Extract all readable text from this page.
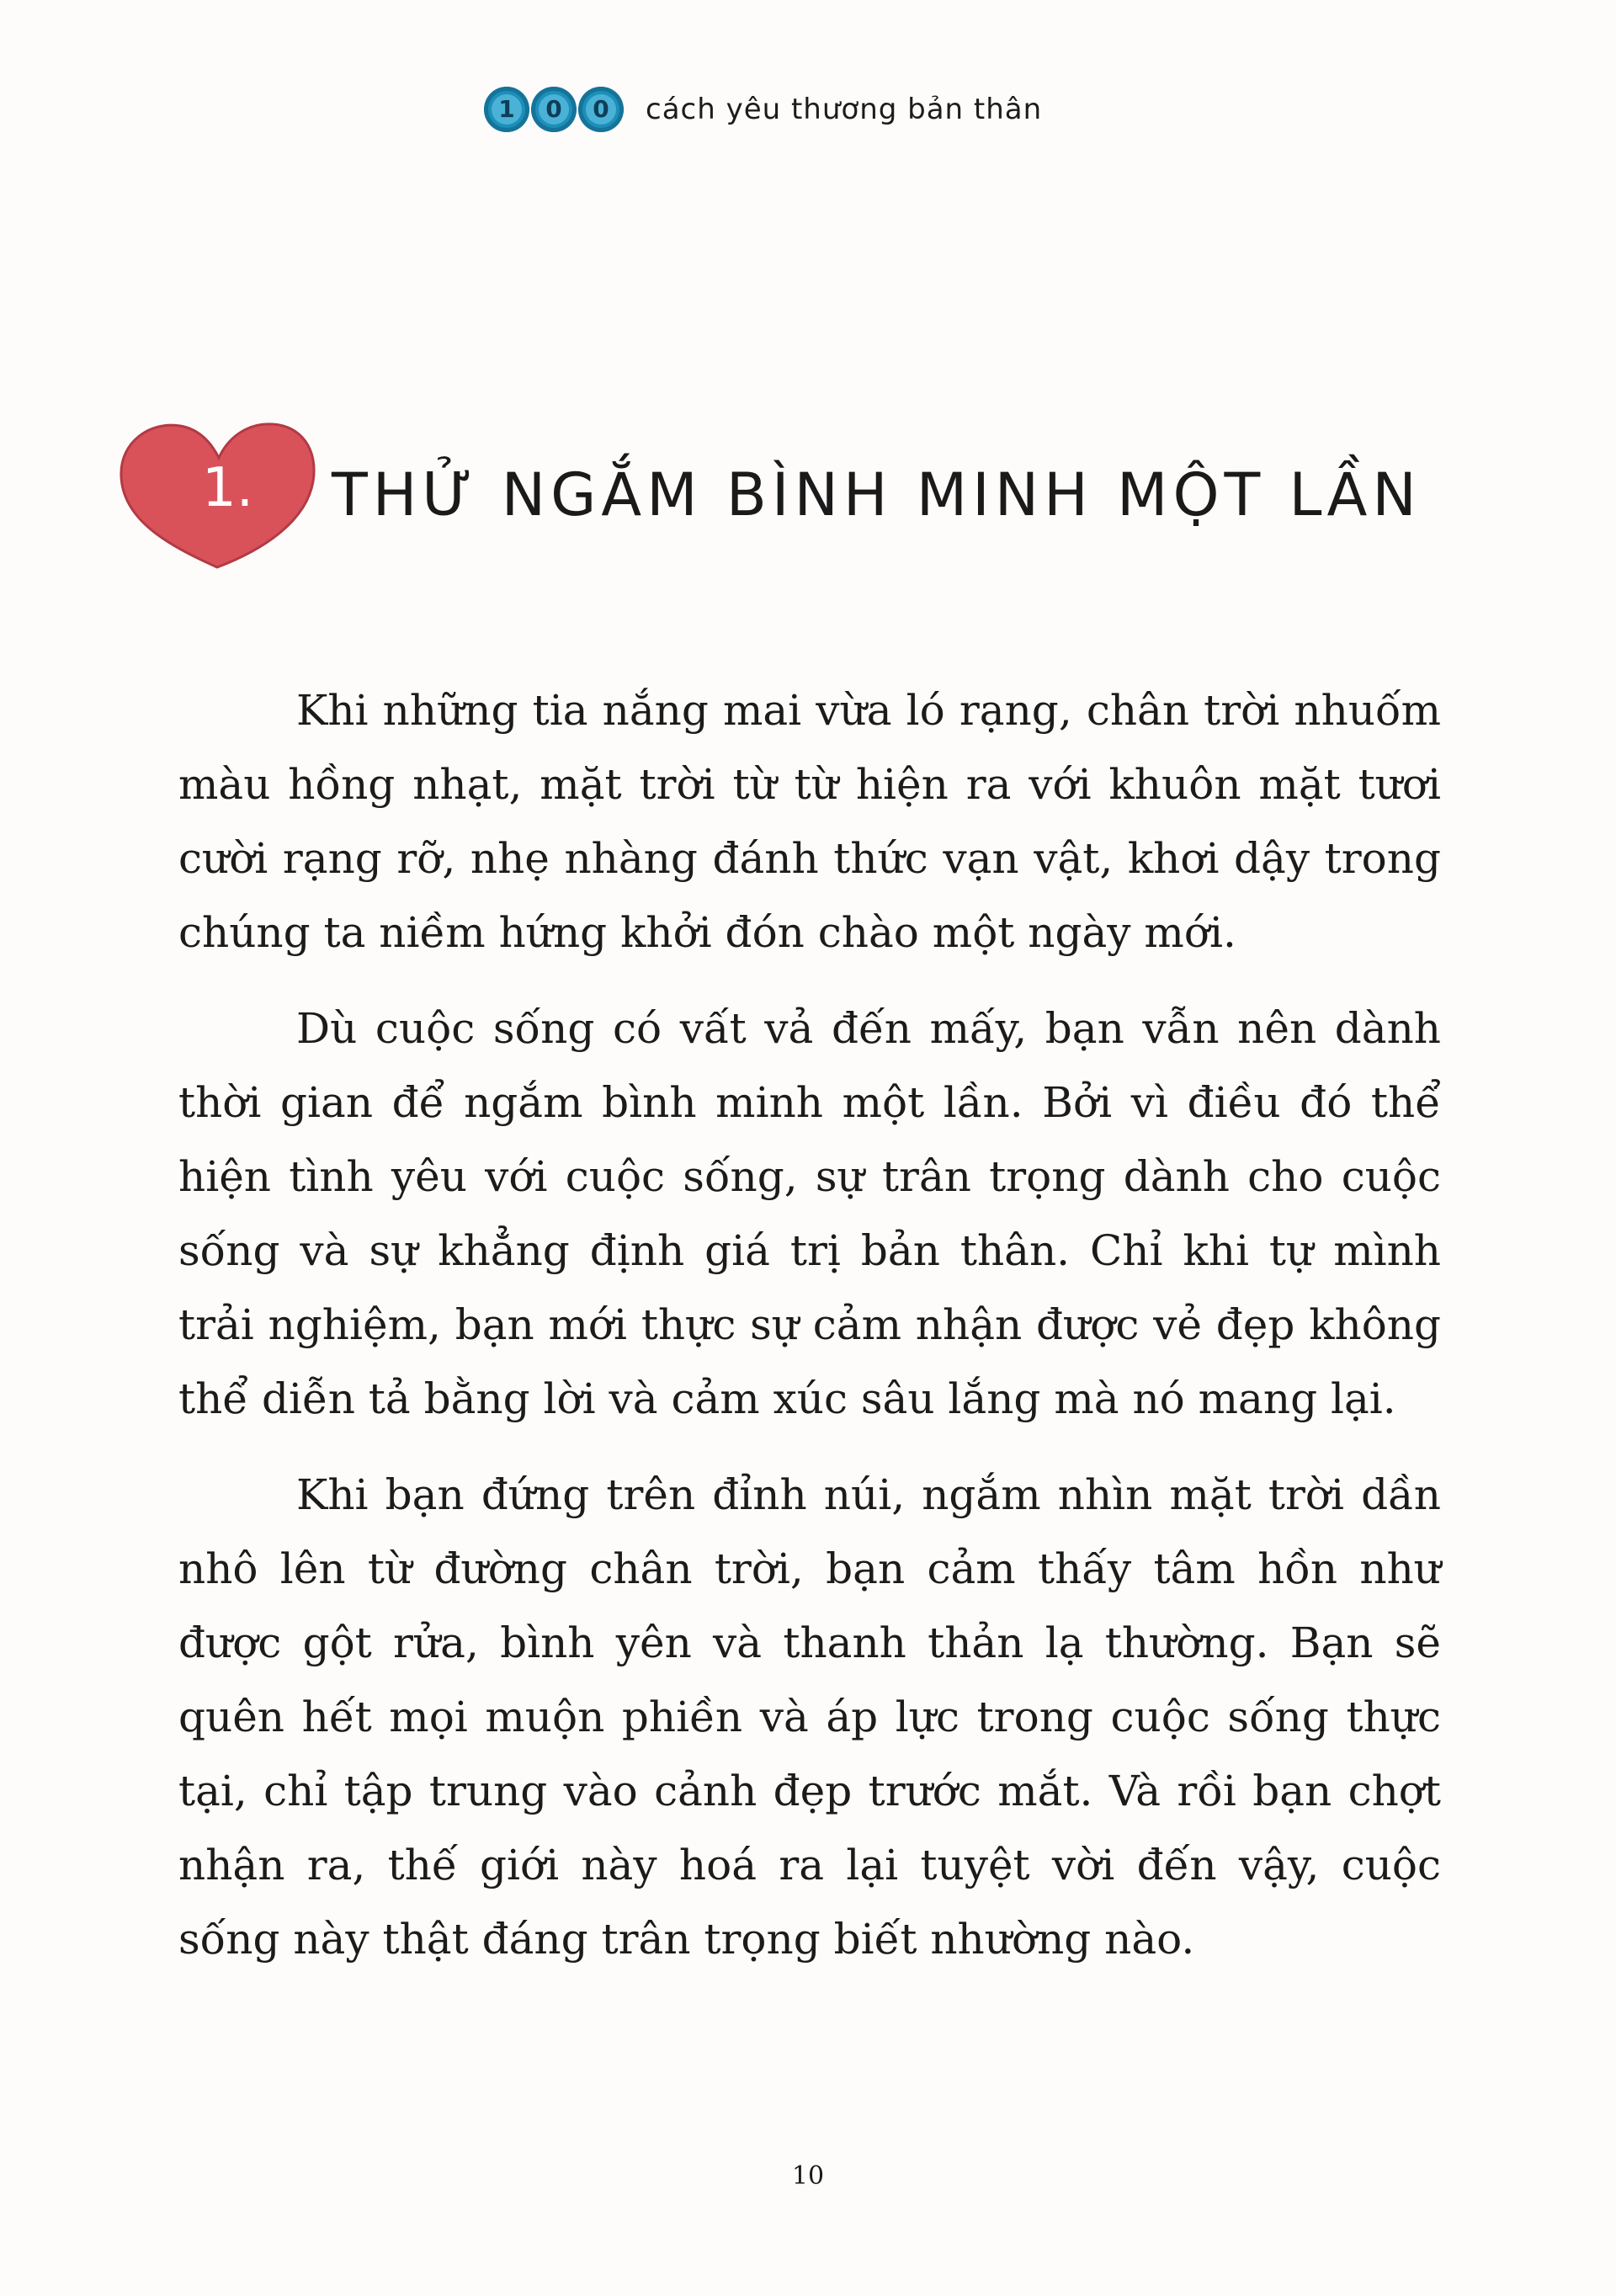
1 0 0 cách yêu thương bản thân
1. THỬ NGẮM BÌNH MINH MỘT LẦN

Khi những tia nắng mai vừa ló rạng, chân trời nhuốm màu hồng nhạt, mặt trời từ từ hiện ra với khuôn mặt tươi cười rạng rỡ, nhẹ nhàng đánh thức vạn vật, khơi dậy trong chúng ta niềm hứng khởi đón chào một ngày mới.

Dù cuộc sống có vất vả đến mấy, bạn vẫn nên dành thời gian để ngắm bình minh một lần. Bởi vì điều đó thể hiện tình yêu với cuộc sống, sự trân trọng dành cho cuộc sống và sự khẳng định giá trị bản thân. Chỉ khi tự mình trải nghiệm, bạn mới thực sự cảm nhận được vẻ đẹp không thể diễn tả bằng lời và cảm xúc sâu lắng mà nó mang lại.

Khi bạn đứng trên đỉnh núi, ngắm nhìn mặt trời dần nhô lên từ đường chân trời, bạn cảm thấy tâm hồn như được gột rửa, bình yên và thanh thản lạ thường. Bạn sẽ quên hết mọi muộn phiền và áp lực trong cuộc sống thực tại, chỉ tập trung vào cảnh đẹp trước mắt. Và rồi bạn chợt nhận ra, thế giới này hoá ra lại tuyệt vời đến vậy, cuộc sống này thật đáng trân trọng biết nhường nào.

10
